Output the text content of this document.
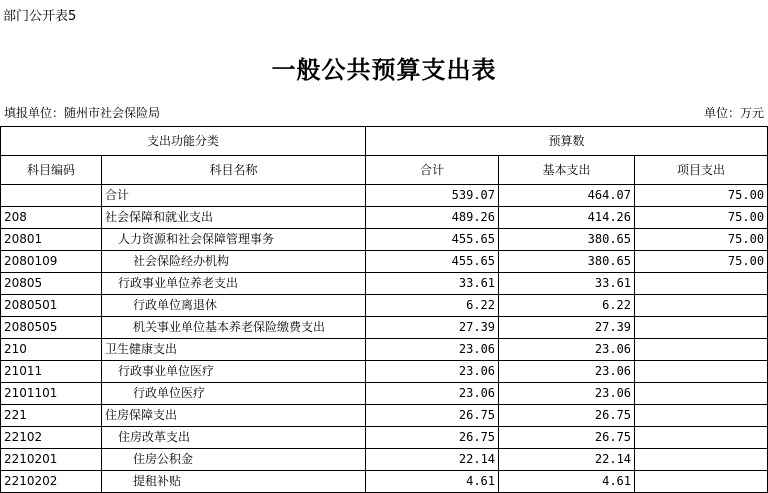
部门公开表5
一般公共预算支出表
填报单位：随州市社会保险局	单位：万元
支出功能分类		预算数		
科目编码	科目名称	合计	基本支出	项目支出
	合计	539.07	464.07	75.00
208	社会保障和就业支出	489.26	414.26	75.00
20801	人力资源和社会保障管理事务	455.65	380.65	75.00
2080109	社会保险经办机构	455.65	380.65	75.00
20805	行政事业单位养老支出	33.61	33.61	
2080501	行政单位离退休	6.22	6.22	
2080505	机关事业单位基本养老保险缴费支出	27.39	27.39	
210	卫生健康支出	23.06	23.06	
21011	行政事业单位医疗	23.06	23.06	
2101101	行政单位医疗	23.06	23.06	
221	住房保障支出	26.75	26.75	
22102	住房改革支出	26.75	26.75	
2210201	住房公积金	22.14	22.14	
2210202	提租补贴	4.61	4.61	
